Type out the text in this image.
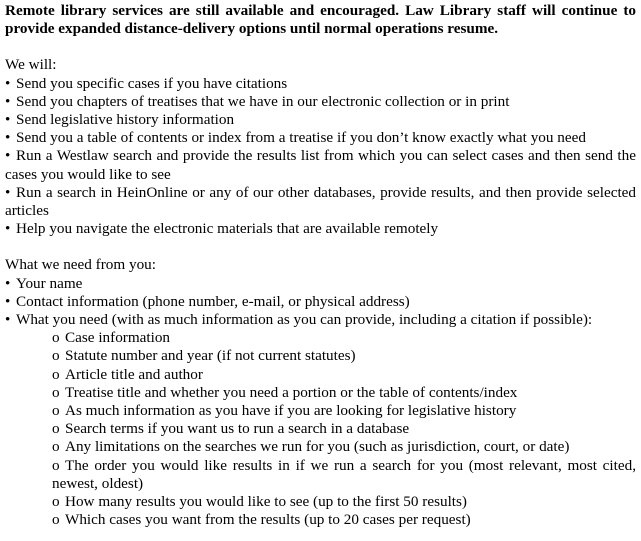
Remote library services are still available and encouraged. Law Library staff will continue to provide expanded distance-delivery options until normal operations resume.

We will:
• Send you specific cases if you have citations
• Send you chapters of treatises that we have in our electronic collection or in print
• Send legislative history information
• Send you a table of contents or index from a treatise if you don’t know exactly what you need
• Run a Westlaw search and provide the results list from which you can select cases and then send the cases you would like to see
• Run a search in HeinOnline or any of our other databases, provide results, and then provide selected articles
• Help you navigate the electronic materials that are available remotely
What we need from you:
• Your name
• Contact information (phone number, e-mail, or physical address)
• What you need (with as much information as you can provide, including a citation if possible):
o Case information
o Statute number and year (if not current statutes)
o Article title and author
o Treatise title and whether you need a portion or the table of contents/index
o As much information as you have if you are looking for legislative history
o Search terms if you want us to run a search in a database
o Any limitations on the searches we run for you (such as jurisdiction, court, or date)
o The order you would like results in if we run a search for you (most relevant, most cited, newest, oldest)
o How many results you would like to see (up to the first 50 results)
o Which cases you want from the results (up to 20 cases per request)
